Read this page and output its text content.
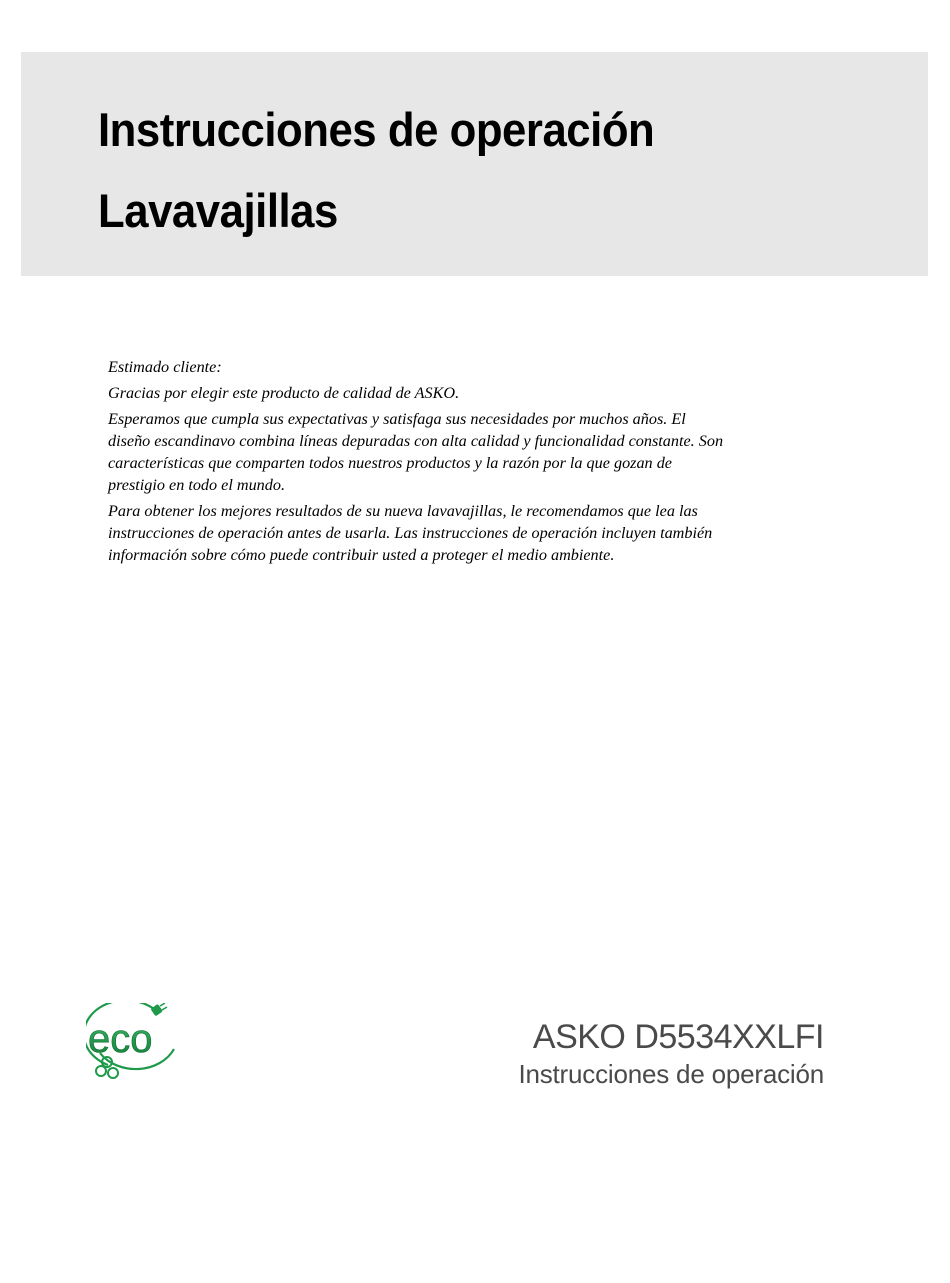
Instrucciones de operación
Lavavajillas

Estimado cliente:

Gracias por elegir este producto de calidad de ASKO.

Esperamos que cumpla sus expectativas y satisfaga sus necesidades por muchos años. El diseño escandinavo combina líneas depuradas con alta calidad y funcionalidad constante. Son características que comparten todos nuestros productos y la razón por la que gozan de prestigio en todo el mundo.

Para obtener los mejores resultados de su nueva lavavajillas, le recomendamos que lea las instrucciones de operación antes de usarla. Las instrucciones de operación incluyen también información sobre cómo puede contribuir usted a proteger el medio ambiente.

eco	ASKO D5534XXLFI
Instrucciones de operación
